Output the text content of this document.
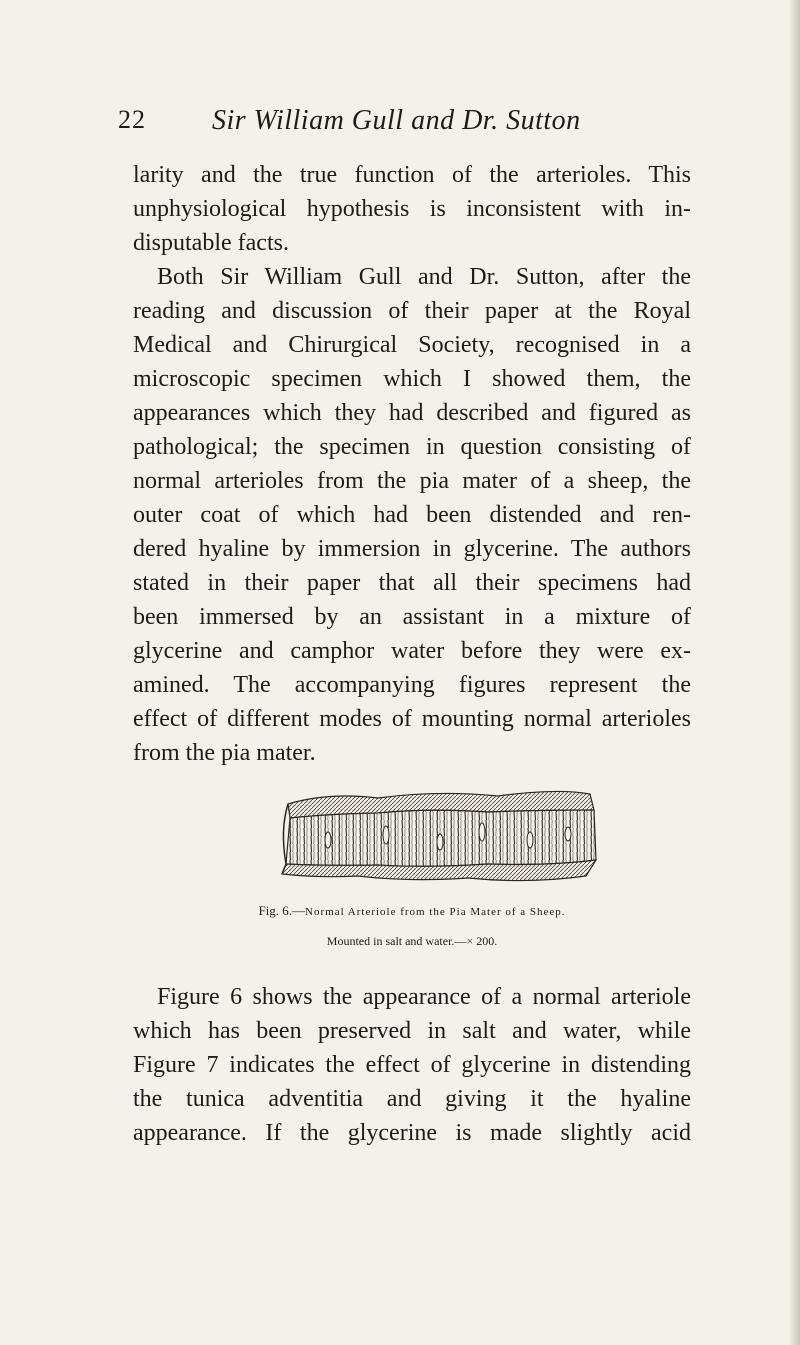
22 Sir William Gull and Dr. Sutton
larity and the true function of the arterioles. This
unphysiological hypothesis is inconsistent with in-
disputable facts.
Both Sir William Gull and Dr. Sutton, after the
reading and discussion of their paper at the Royal
Medical and Chirurgical Society, recognised in a
microscopic specimen which I showed them, the
appearances which they had described and figured as
pathological; the specimen in question consisting of
normal arterioles from the pia mater of a sheep, the
outer coat of which had been distended and ren-
dered hyaline by immersion in glycerine. The authors
stated in their paper that all their specimens had
been immersed by an assistant in a mixture of
glycerine and camphor water before they were ex-
amined. The accompanying figures represent the
effect of different modes of mounting normal arterioles
from the pia mater.
Fig. 6.—Normal Arteriole from the Pia Mater of a Sheep.
Mounted in salt and water.—× 200.
Figure 6 shows the appearance of a normal arteriole
which has been preserved in salt and water, while
Figure 7 indicates the effect of glycerine in distending
the tunica adventitia and giving it the hyaline
appearance. If the glycerine is made slightly acid
